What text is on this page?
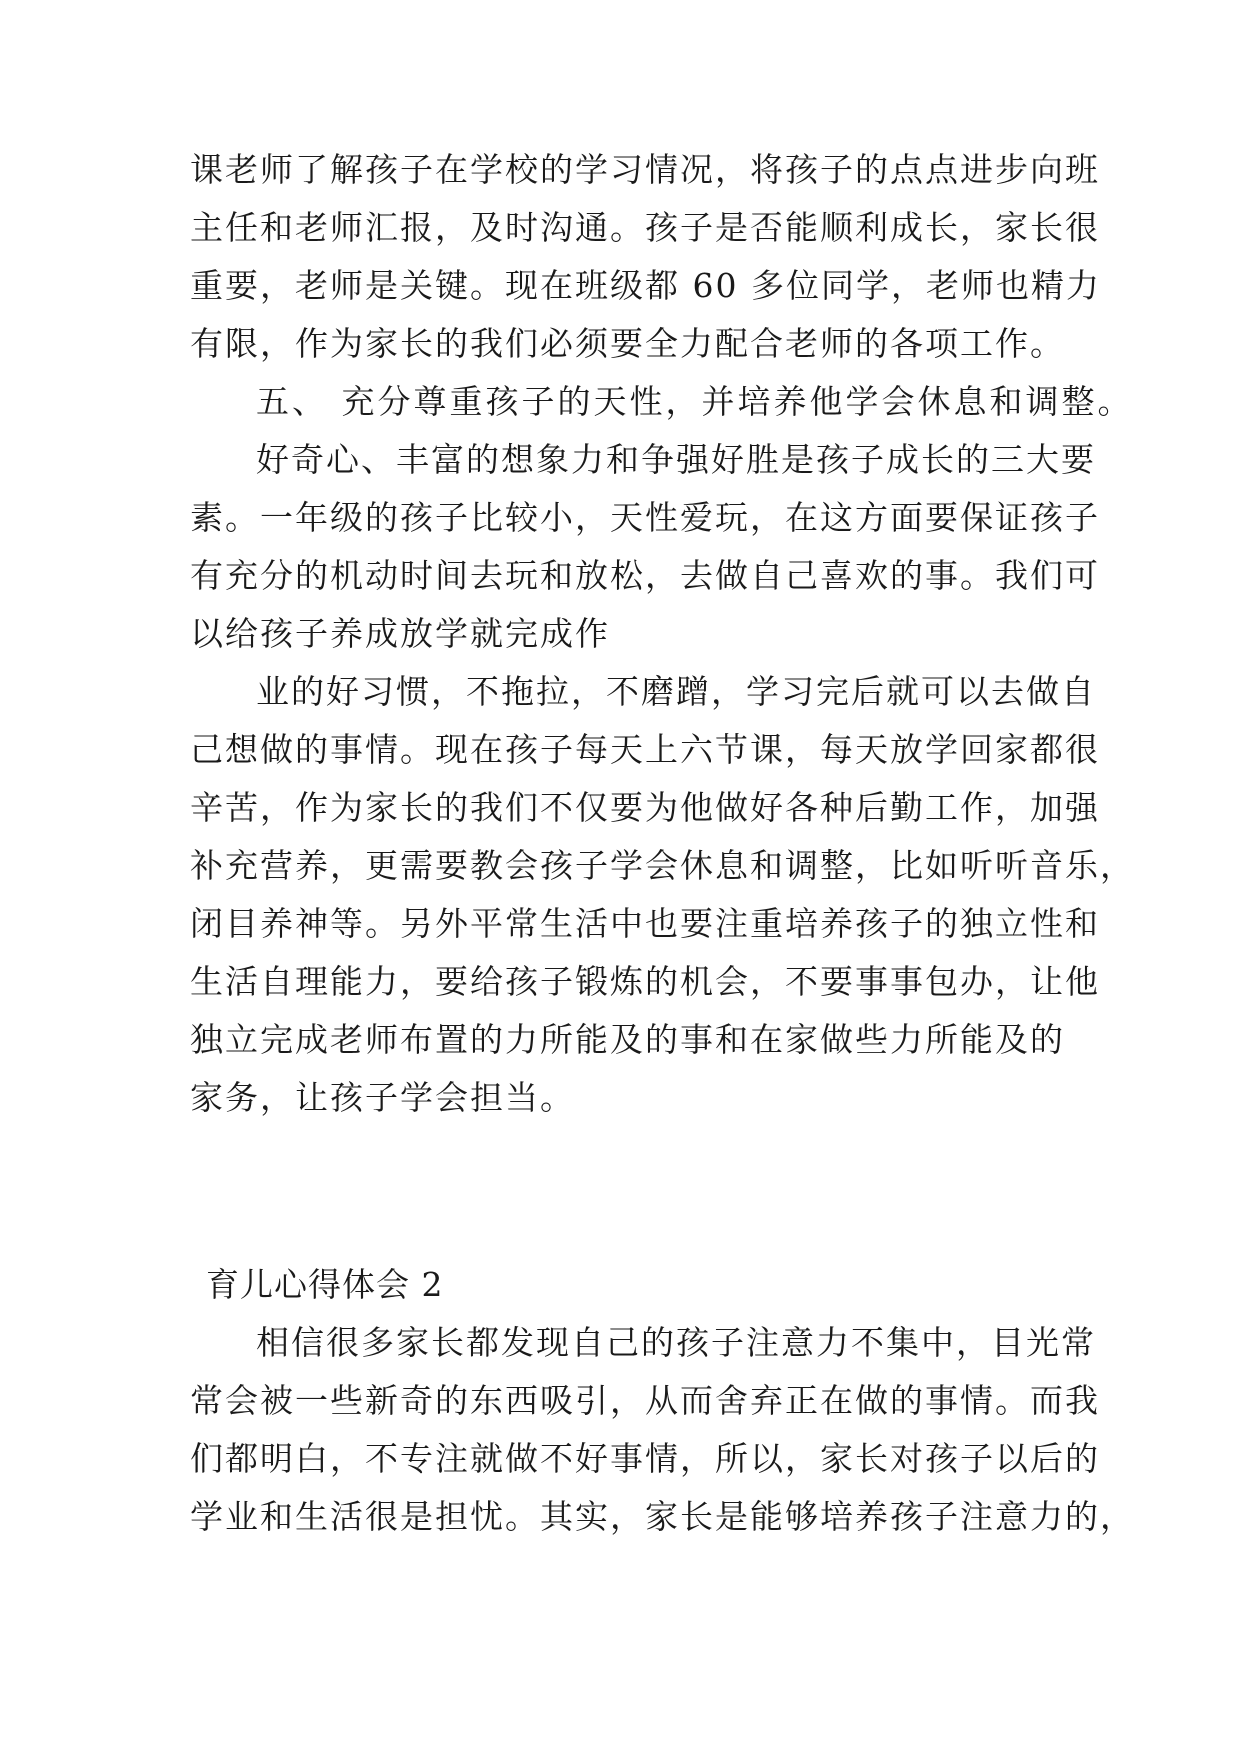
课老师了解孩子在学校的学习情况，将孩子的点点进步向班
主任和老师汇报，及时沟通。孩子是否能顺利成长，家长很
重要，老师是关键。现在班级都 60 多位同学，老师也精力
有限，作为家长的我们必须要全力配合老师的各项工作。
五、 充分尊重孩子的天性，并培养他学会休息和调整。
好奇心、丰富的想象力和争强好胜是孩子成长的三大要
素。一年级的孩子比较小，天性爱玩，在这方面要保证孩子
有充分的机动时间去玩和放松，去做自己喜欢的事。我们可
以给孩子养成放学就完成作
业的好习惯，不拖拉，不磨蹭，学习完后就可以去做自
己想做的事情。现在孩子每天上六节课，每天放学回家都很
辛苦，作为家长的我们不仅要为他做好各种后勤工作，加强
补充营养，更需要教会孩子学会休息和调整，比如听听音乐，
闭目养神等。另外平常生活中也要注重培养孩子的独立性和
生活自理能力，要给孩子锻炼的机会，不要事事包办，让他
独立完成老师布置的力所能及的事和在家做些力所能及的
家务，让孩子学会担当。
育儿心得体会 2
相信很多家长都发现自己的孩子注意力不集中，目光常
常会被一些新奇的东西吸引，从而舍弃正在做的事情。而我
们都明白，不专注就做不好事情，所以，家长对孩子以后的
学业和生活很是担忧。其实，家长是能够培养孩子注意力的，
